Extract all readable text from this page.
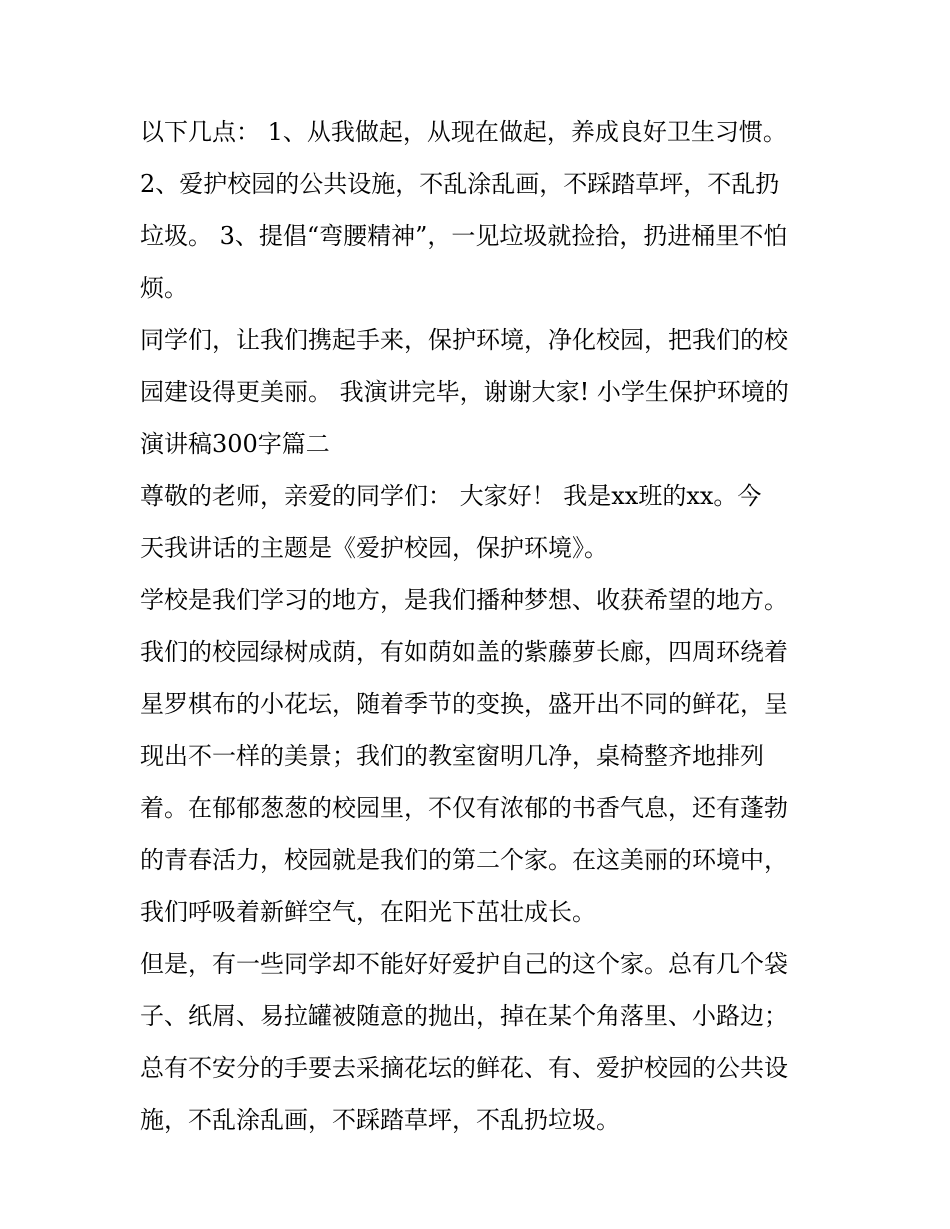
以下几点： 1、从我做起，从现在做起，养成良好卫生习惯。
2、爱护校园的公共设施，不乱涂乱画，不踩踏草坪，不乱扔
垃圾。 3、提倡“弯腰精神”，一见垃圾就捡拾，扔进桶里不怕
烦。
同学们，让我们携起手来，保护环境，净化校园，把我们的校
园建设得更美丽。 我演讲完毕，谢谢大家! 小学生保护环境的
演讲稿300字篇二
尊敬的老师，亲爱的同学们： 大家好！ 我是xx班的xx。今
天我讲话的主题是《爱护校园，保护环境》。
学校是我们学习的地方，是我们播种梦想、收获希望的地方。
我们的校园绿树成荫，有如荫如盖的紫藤萝长廊，四周环绕着
星罗棋布的小花坛，随着季节的变换，盛开出不同的鲜花，呈
现出不一样的美景；我们的教室窗明几净，桌椅整齐地排列
着。在郁郁葱葱的校园里，不仅有浓郁的书香气息，还有蓬勃
的青春活力，校园就是我们的第二个家。在这美丽的环境中，
我们呼吸着新鲜空气，在阳光下茁壮成长。
但是，有一些同学却不能好好爱护自己的这个家。总有几个袋
子、纸屑、易拉罐被随意的抛出，掉在某个角落里、小路边；
总有不安分的手要去采摘花坛的鲜花、有、爱护校园的公共设
施，不乱涂乱画，不踩踏草坪，不乱扔垃圾。
